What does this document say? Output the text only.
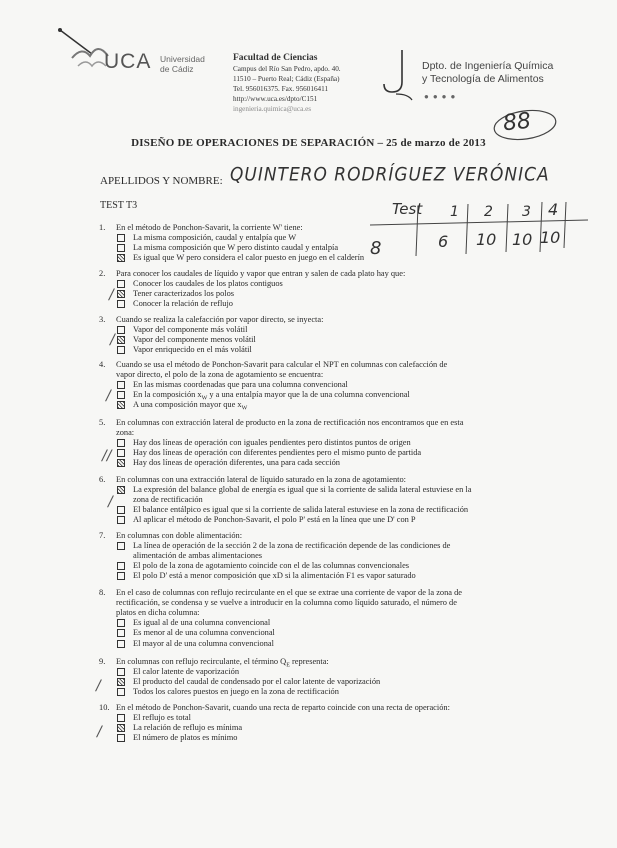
UCA Universidad
de Cádiz
Facultad de Ciencias
Campus del Río San Pedro, apdo. 40.
11510 – Puerto Real; Cádiz (España)
Tel. 956016375. Fax. 956016411
http://www.uca.es/dpto/C151
ingenieria.quimica@uca.es
Dpto. de Ingeniería Química
y Tecnología de Alimentos
●●●●
88
DISEÑO DE OPERACIONES DE SEPARACIÓN – 25 de marzo de 2013
APELLIDOS Y NOMBRE: QUINTERO RODRÍGUEZ VERÓNICA
TEST T3	Test 1 2 3 4
8	6 10 10 10
1. En el método de Ponchon-Savarit, la corriente W' tiene:
La misma composición, caudal y entalpía que W
La misma composición que W pero distinto caudal y entalpía
Es igual que W pero considera el calor puesto en juego en el calderín
2. Para conocer los caudales de líquido y vapor que entran y salen de cada plato hay que:
Conocer los caudales de los platos contiguos
Tener caracterizados los polos
Conocer la relación de reflujo
3. Cuando se realiza la calefacción por vapor directo, se inyecta:
Vapor del componente más volátil
Vapor del componente menos volátil
Vapor enriquecido en el más volátil
4. Cuando se usa el método de Ponchon-Savarit para calcular el NPT en columnas con calefacción de
vapor directo, el polo de la zona de agotamiento se encuentra:
En las mismas coordenadas que para una columna convencional
En la composición $x_W$ y a una entalpía mayor que la de una columna convencional
A una composición mayor que $x_W$
5. En columnas con extracción lateral de producto en la zona de rectificación nos encontramos que en esta
zona:
Hay dos líneas de operación con iguales pendientes pero distintos puntos de origen
Hay dos líneas de operación con diferentes pendientes pero el mismo punto de partida
Hay dos líneas de operación diferentes, una para cada sección
6. En columnas con una extracción lateral de líquido saturado en la zona de agotamiento:
La expresión del balance global de energía es igual que si la corriente de salida lateral estuviese en la
zona de rectificación
El balance entálpico es igual que si la corriente de salida lateral estuviese en la zona de rectificación
Al aplicar el método de Ponchon-Savarit, el polo P' está en la línea que une D' con P
7. En columnas con doble alimentación:
La línea de operación de la sección 2 de la zona de rectificación depende de las condiciones de
alimentación de ambas alimentaciones
El polo de la zona de agotamiento coincide con el de las columnas convencionales
El polo D' está a menor composición que xD si la alimentación F1 es vapor saturado
8. En el caso de columnas con reflujo recirculante en el que se extrae una corriente de vapor de la zona de
rectificación, se condensa y se vuelve a introducir en la columna como líquido saturado, el número de
platos en dicha columna:
Es igual al de una columna convencional
Es menor al de una columna convencional
El mayor al de una columna convencional
9. En columnas con reflujo recirculante, el término $Q_E$ representa:
El calor latente de vaporización
El producto del caudal de condensado por el calor latente de vaporización
Todos los calores puestos en juego en la zona de rectificación
10. En el método de Ponchon-Savarit, cuando una recta de reparto coincide con una recta de operación:
El reflujo es total
La relación de reflujo es mínima
El número de platos es mínimo
/
/
/
//
/
/
/
